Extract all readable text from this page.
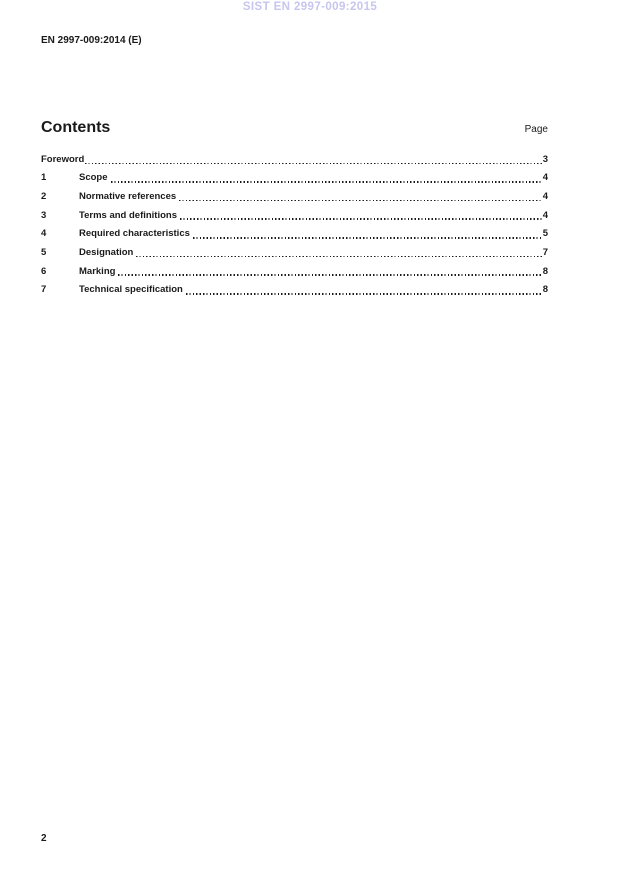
SIST EN 2997-009:2015
EN 2997-009:2014 (E)
Contents	Page
Foreword	3
1	Scope	4
2	Normative references	4
3	Terms and definitions	4
4	Required characteristics	5
5	Designation	7
6	Marking	8
7	Technical specification	8
2
